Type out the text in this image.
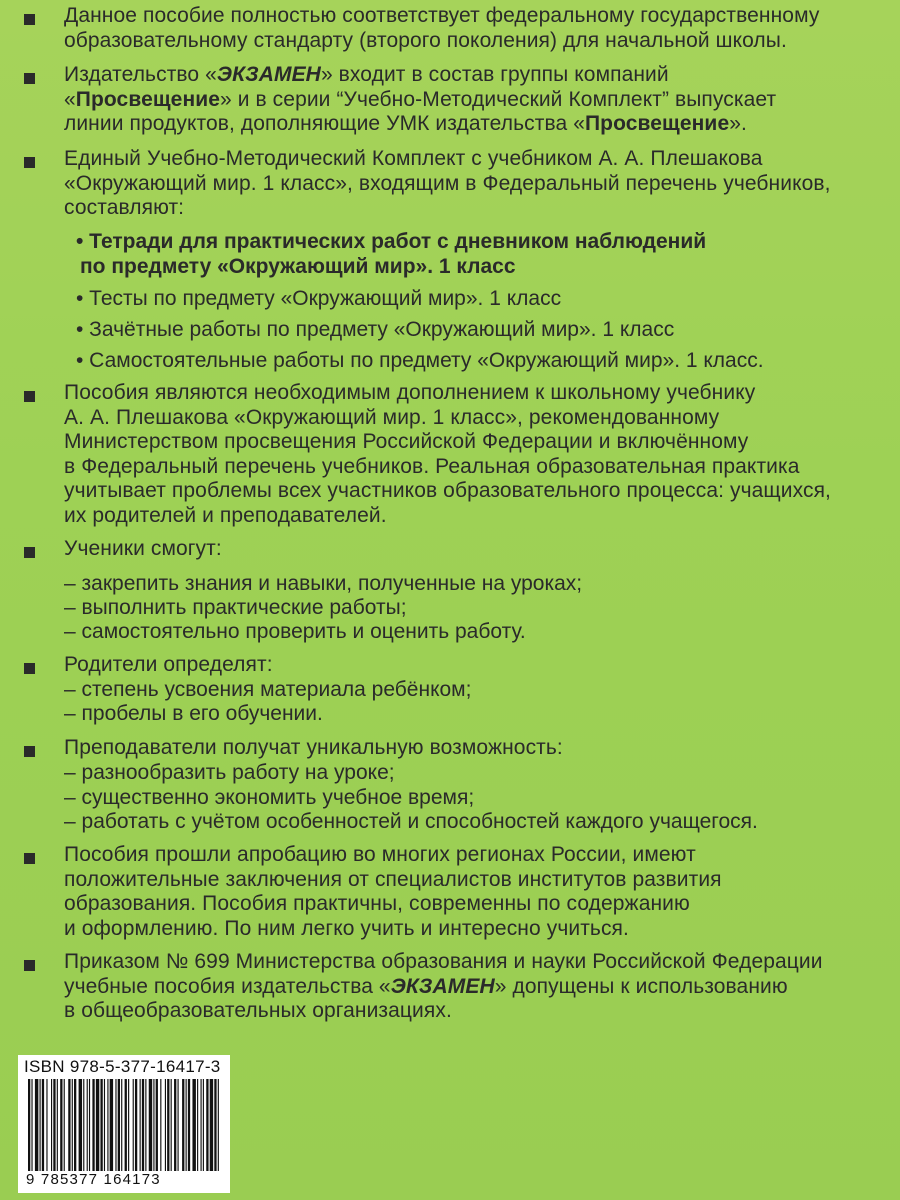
Данное пособие полностью соответствует федеральному государственному
образовательному стандарту (второго поколения) для начальной школы.
Издательство «ЭКЗАМЕН» входит в состав группы компаний
«Просвещение» и в серии “Учебно-Методический Комплект” выпускает
линии продуктов, дополняющие УМК издательства «Просвещение».
Единый Учебно-Методический Комплект с учебником А. А. Плешакова
«Окружающий мир. 1 класс», входящим в Федеральный перечень учебников,
составляют:
• Тетради для практических работ с дневником наблюдений
по предмету «Окружающий мир». 1 класс
• Тесты по предмету «Окружающий мир». 1 класс
• Зачётные работы по предмету «Окружающий мир». 1 класс
• Самостоятельные работы по предмету «Окружающий мир». 1 класс.
Пособия являются необходимым дополнением к школьному учебнику
А. А. Плешакова «Окружающий мир. 1 класс», рекомендованному
Министерством просвещения Российской Федерации и включённому
в Федеральный перечень учебников. Реальная образовательная практика
учитывает проблемы всех участников образовательного процесса: учащихся,
их родителей и преподавателей.
Ученики смогут:
– закрепить знания и навыки, полученные на уроках;
– выполнить практические работы;
– самостоятельно проверить и оценить работу.
Родители определят:
– степень усвоения материала ребёнком;
– пробелы в его обучении.
Преподаватели получат уникальную возможность:
– разнообразить работу на уроке;
– существенно экономить учебное время;
– работать с учётом особенностей и способностей каждого учащегося.
Пособия прошли апробацию во многих регионах России, имеют
положительные заключения от специалистов институтов развития
образования. Пособия практичны, современны по содержанию
и оформлению. По ним легко учить и интересно учиться.
Приказом № 699 Министерства образования и науки Российской Федерации
учебные пособия издательства «ЭКЗАМЕН» допущены к использованию
в общеобразовательных организациях.
ISBN 978-5-377-16417-3
9 785377 164173
